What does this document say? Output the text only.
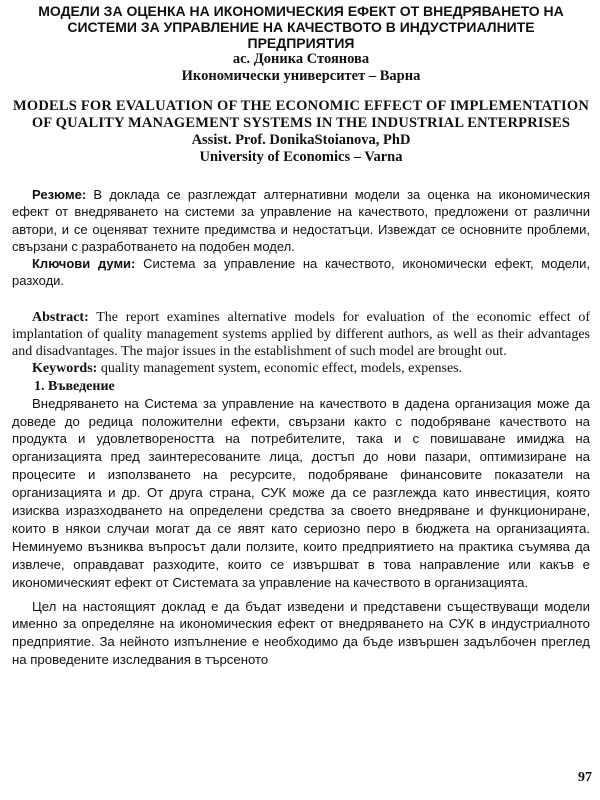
МОДЕЛИ ЗА ОЦЕНКА НА ИКОНОМИЧЕСКИЯ ЕФЕКТ ОТ ВНЕДРЯВАНЕТО НА СИСТЕМИ ЗА УПРАВЛЕНИЕ НА КАЧЕСТВОТО В ИНДУСТРИАЛНИТЕ ПРЕДПРИЯТИЯ
ас. Доника Стоянова
Икономически университет – Варна
MODELS FOR EVALUATION OF THE ECONOMIC EFFECT OF IMPLEMENTATION OF QUALITY MANAGEMENT SYSTEMS IN THE INDUSTRIAL ENTERPRISES
Assist. Prof. DonikaStoianova, PhD
University of Economics – Varna

Резюме: В доклада се разглеждат алтернативни модели за оценка на икономическия ефект от внедряването на системи за управление на качеството, предложени от различни автори, и се оценяват техните предимства и недостатъци. Извеждат се основните проблеми, свързани с разработването на подобен модел.

Ключови думи: Система за управление на качеството, икономически ефект, модели, разходи.

Abstract: The report examines alternative models for evaluation of the economic effect of implantation of quality management systems applied by different authors, as well as their advantages and disadvantages. The major issues in the establishment of such model are brought out.

Keywords: quality management system, economic effect, models, expenses.

1. Въведение

Внедряването на Система за управление на качеството в дадена организация може да доведе до редица положителни ефекти, свързани както с подобряване качеството на продукта и удовлетвореността на потребителите, така и с повишаване имиджа на организацията пред заинтересованите лица, достъп до нови пазари, оптимизиране на процесите и използването на ресурсите, подобряване финансовите показатели на организацията и др. От друга страна, СУК може да се разглежда като инвестиция, която изисква изразходването на определени средства за своето внедряване и функциониране, които в някои случаи могат да се явят като сериозно перо в бюджета на организацията. Неминуемо възниква въпросът дали ползите, които предприятието на практика съумява да извлече, оправдават разходите, които се извършват в това направление или какъв е икономическият ефект от Системата за управление на качеството в организацията.

Цел на настоящият доклад е да бъдат изведени и представени съществуващи модели именно за определяне на икономическия ефект от внедряването на СУК в индустриалното предприятие. За нейното изпълнение е необходимо да бъде извършен задълбочен преглед на проведените изследвания в търсеното

97
